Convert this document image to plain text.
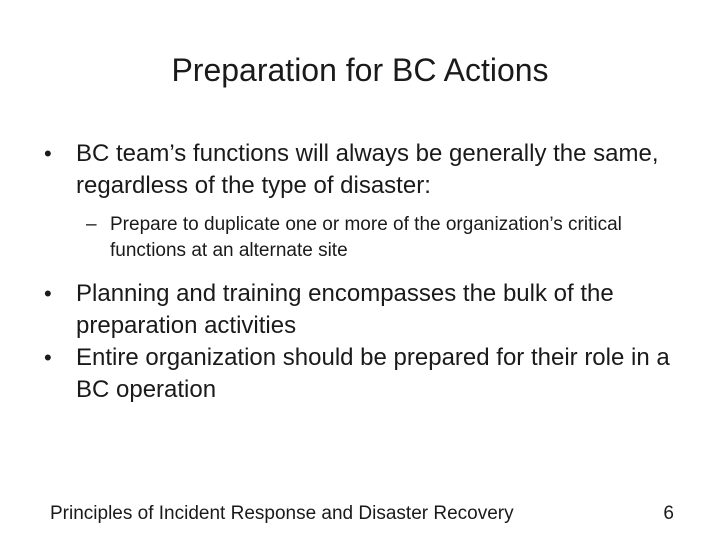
Preparation for BC Actions
• BC team’s functions will always be generally the same, regardless of the type of disaster:
– Prepare to duplicate one or more of the organization’s critical functions at an alternate site
• Planning and training encompasses the bulk of the preparation activities
• Entire organization should be prepared for their role in a BC operation
Principles of Incident Response and Disaster Recovery	6
